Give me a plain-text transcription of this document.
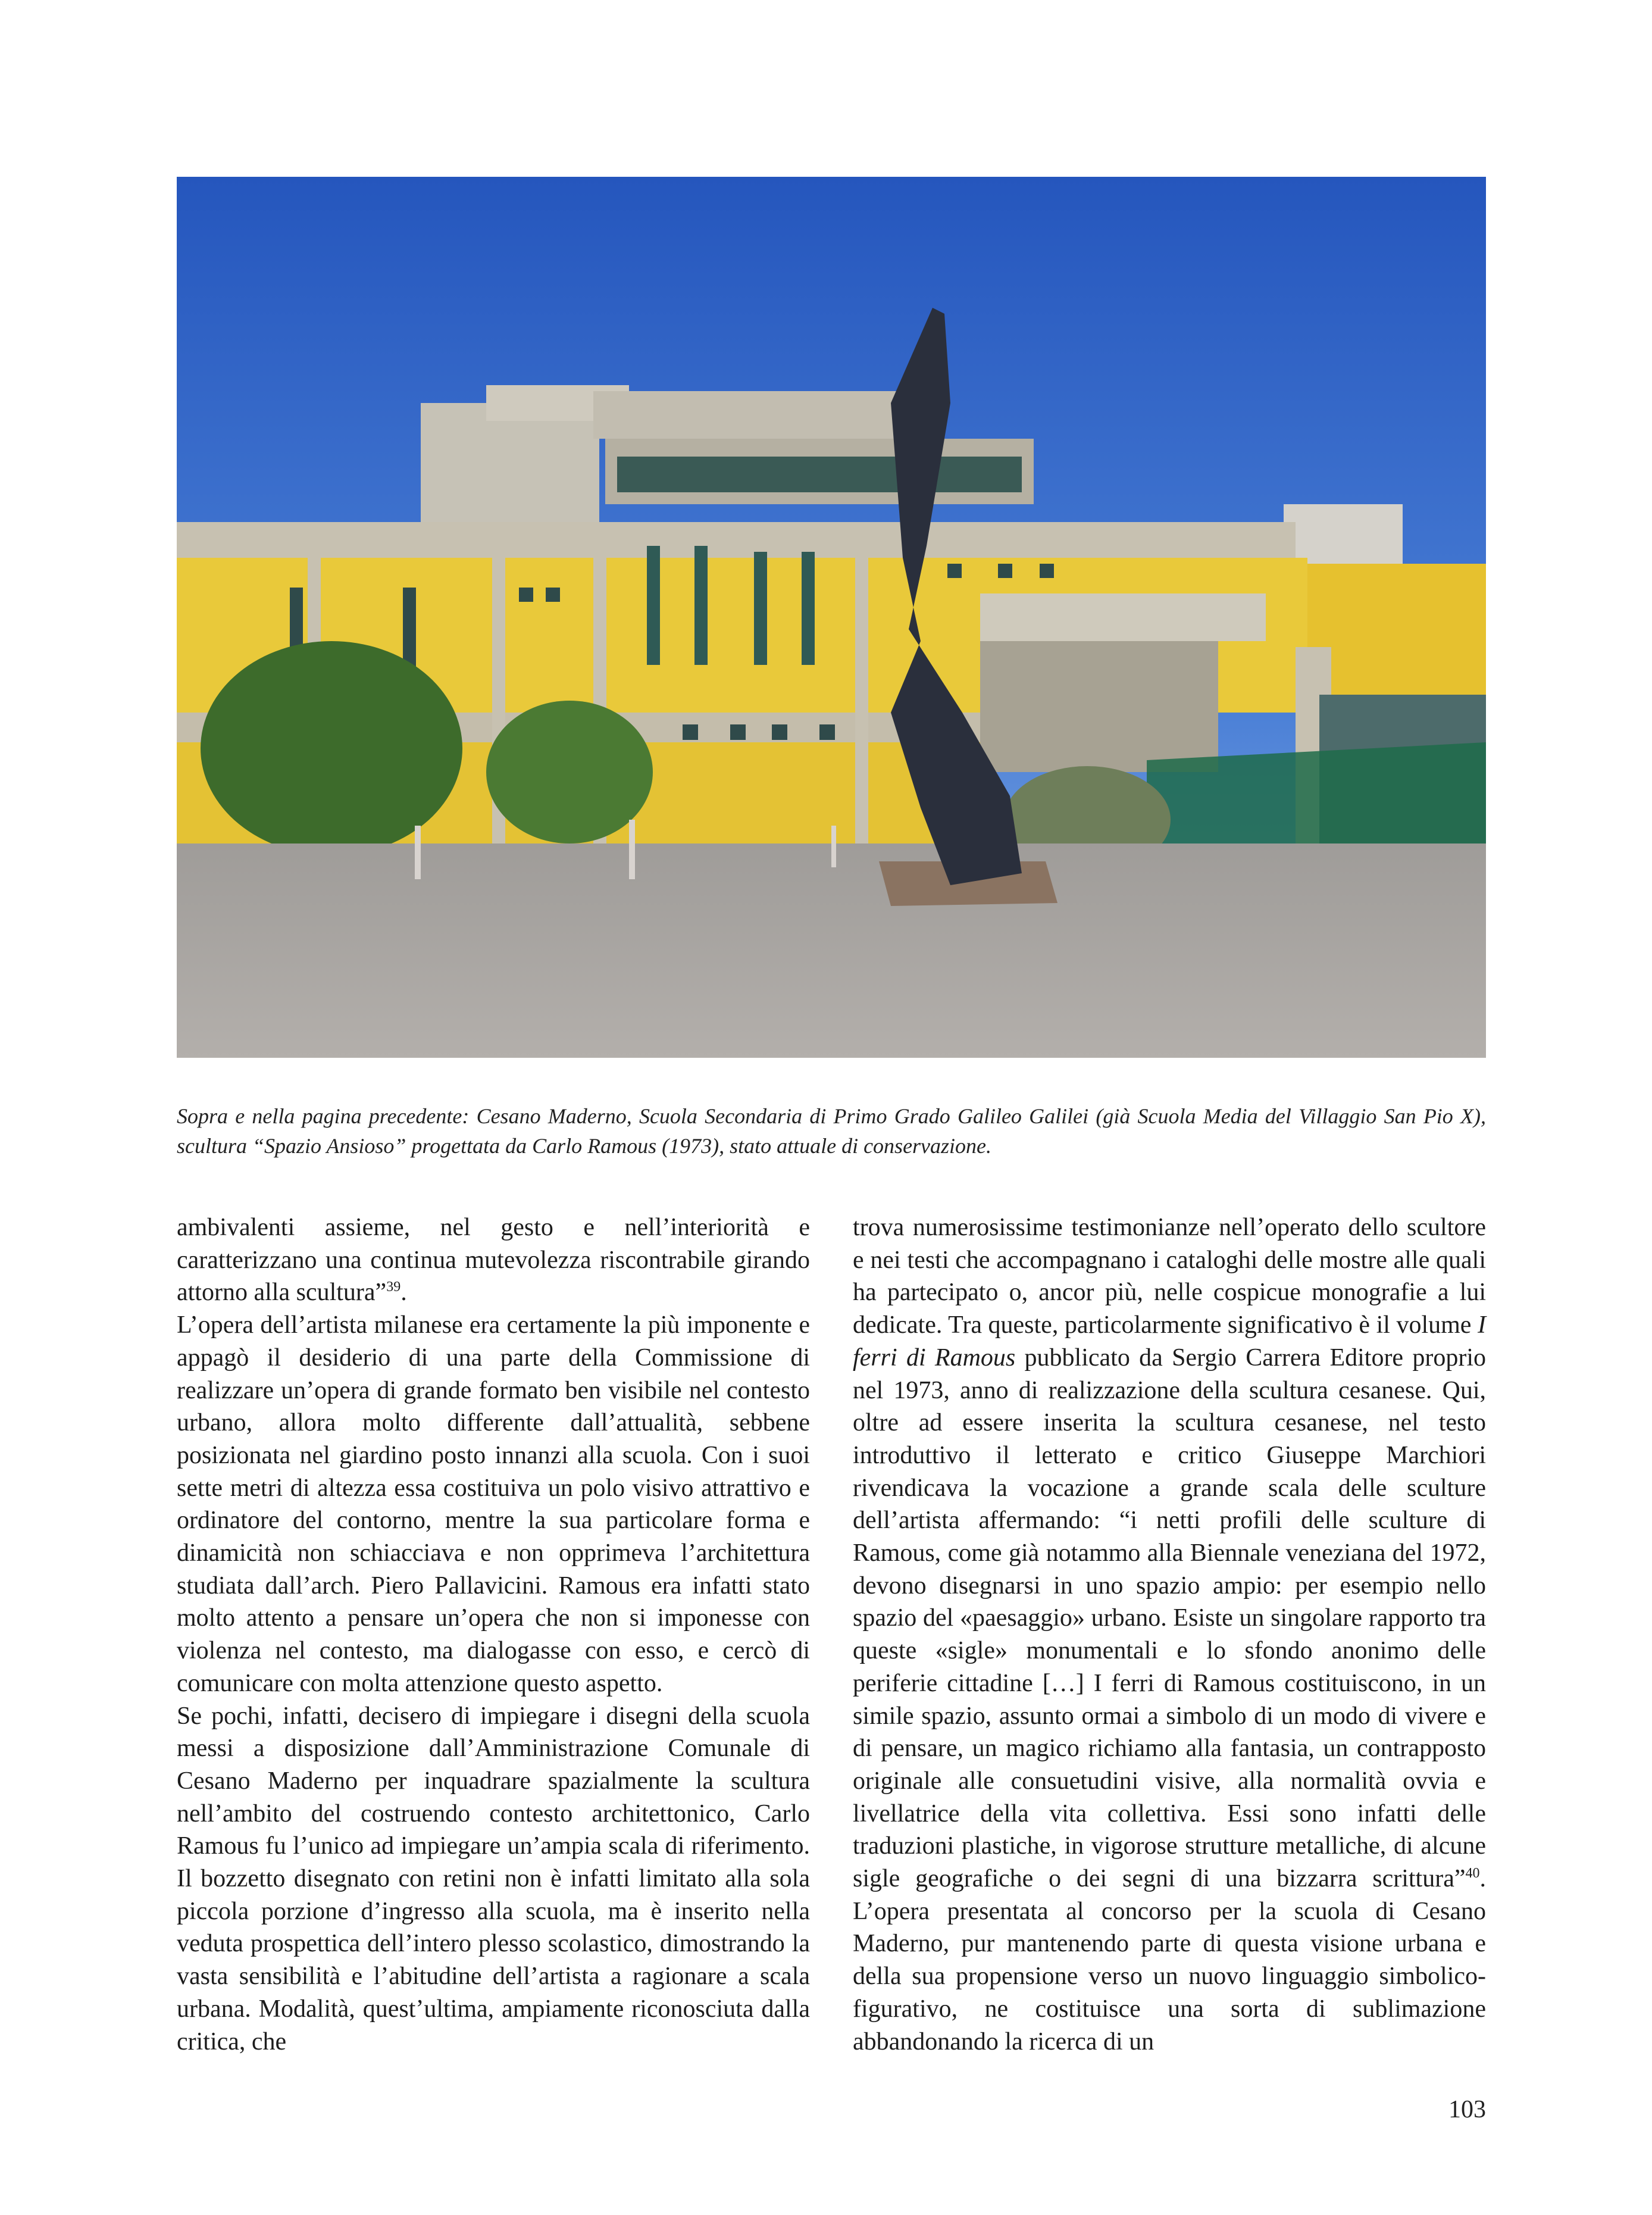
Sopra e nella pagina precedente: Cesano Maderno, Scuola Secondaria di Primo Grado Galileo Galilei (già Scuola Media del Villaggio San Pio X), scultura “Spazio Ansioso” progettata da Carlo Ramous (1973), stato attuale di conservazione.

ambivalenti assieme, nel gesto e nell’interiorità e caratterizzano una continua mutevolezza riscontrabile girando attorno alla scultura”$^{39}$.

L’opera dell’artista milanese era certamente la più imponente e appagò il desiderio di una parte della Commissione di realizzare un’opera di grande formato ben visibile nel contesto urbano, allora molto differente dall’attualità, sebbene posizionata nel giardino posto innanzi alla scuola. Con i suoi sette metri di altezza essa costituiva un polo visivo attrattivo e ordinatore del contorno, mentre la sua particolare forma e dinamicità non schiacciava e non opprimeva l’architettura studiata dall’arch. Piero Pallavicini. Ramous era infatti stato molto attento a pensare un’opera che non si imponesse con violenza nel contesto, ma dialogasse con esso, e cercò di comunicare con molta attenzione questo aspetto.

Se pochi, infatti, decisero di impiegare i disegni della scuola messi a disposizione dall’Amministrazione Comunale di Cesano Maderno per inquadrare spazialmente la scultura nell’ambito del costruendo contesto architettonico, Carlo Ramous fu l’unico ad impiegare un’ampia scala di riferimento. Il bozzetto disegnato con retini non è infatti limitato alla sola piccola porzione d’ingresso alla scuola, ma è inserito nella veduta prospettica dell’intero plesso scolastico, dimostrando la vasta sensibilità e l’abitudine dell’artista a ragionare a scala urbana. Modalità, quest’ultima, ampiamente riconosciuta dalla critica, che

trova numerosissime testimonianze nell’operato dello scultore e nei testi che accompagnano i cataloghi delle mostre alle quali ha partecipato o, ancor più, nelle cospicue monografie a lui dedicate. Tra queste, particolarmente significativo è il volume I ferri di Ramous pubblicato da Sergio Carrera Editore proprio nel 1973, anno di realizzazione della scultura cesanese. Qui, oltre ad essere inserita la scultura cesanese, nel testo introduttivo il letterato e critico Giuseppe Marchiori rivendicava la vocazione a grande scala delle sculture dell’artista affermando: “i netti profili delle sculture di Ramous, come già notammo alla Biennale veneziana del 1972, devono disegnarsi in uno spazio ampio: per esempio nello spazio del «paesaggio» urbano. Esiste un singolare rapporto tra queste «sigle» monumentali e lo sfondo anonimo delle periferie cittadine […] I ferri di Ramous costituiscono, in un simile spazio, assunto ormai a simbolo di un modo di vivere e di pensare, un magico richiamo alla fantasia, un contrapposto originale alle consuetudini visive, alla normalità ovvia e livellatrice della vita collettiva. Essi sono infatti delle traduzioni plastiche, in vigorose strutture metalliche, di alcune sigle geografiche o dei segni di una bizzarra scrittura”$^{40}$. L’opera presentata al concorso per la scuola di Cesano Maderno, pur mantenendo parte di questa visione urbana e della sua propensione verso un nuovo linguaggio simbolico-figurativo, ne costituisce una sorta di sublimazione abbandonando la ricerca di un

103
